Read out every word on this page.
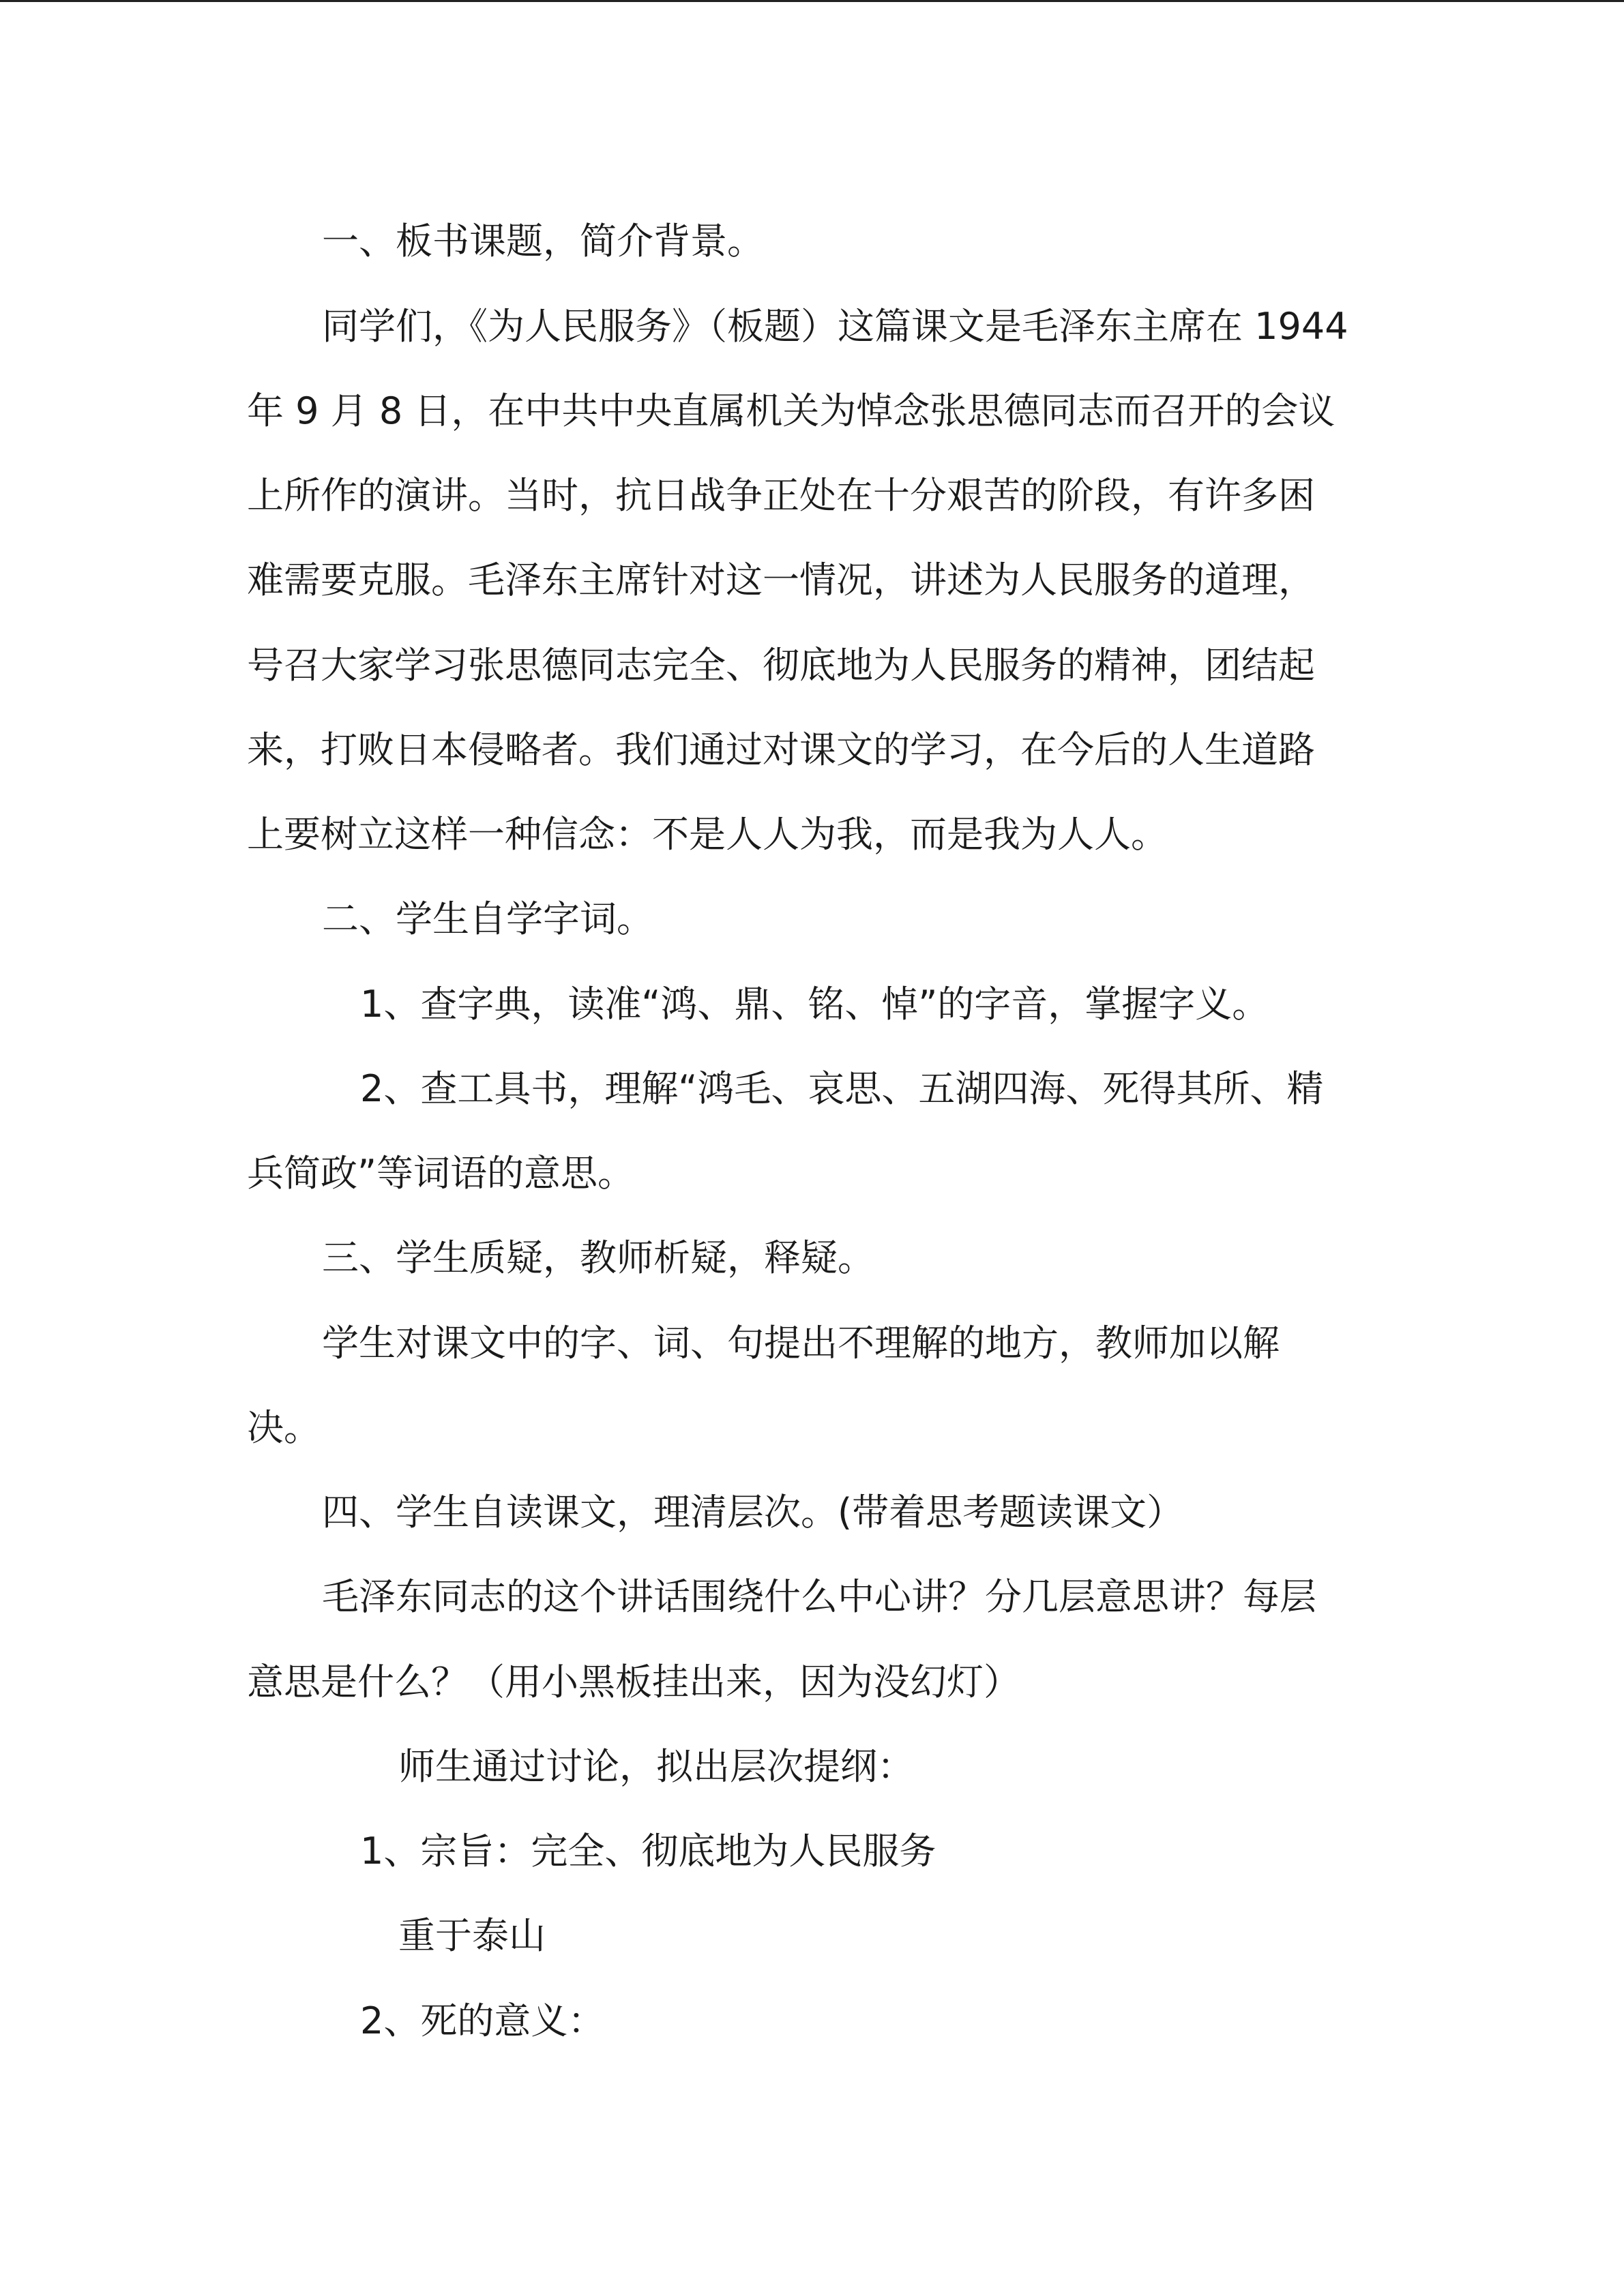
一、板书课题，简介背景。
同学们，《为人民服务》（板题）这篇课文是毛泽东主席在 1944
年 9 月 8 日，在中共中央直属机关为悼念张思德同志而召开的会议
上所作的演讲。当时，抗日战争正处在十分艰苦的阶段，有许多困
难需要克服。毛泽东主席针对这一情况，讲述为人民服务的道理，
号召大家学习张思德同志完全、彻底地为人民服务的精神，团结起
来，打败日本侵略者。我们通过对课文的学习，在今后的人生道路
上要树立这样一种信念：不是人人为我，而是我为人人。
二、学生自学字词。
1、查字典，读准“鸿、鼎、铭、悼”的字音，掌握字义。
2、查工具书，理解“鸿毛、哀思、五湖四海、死得其所、精
兵简政”等词语的意思。
三、学生质疑，教师析疑，释疑。
学生对课文中的字、词、句提出不理解的地方，教师加以解
决。
四、学生自读课文，理清层次。(带着思考题读课文）
毛泽东同志的这个讲话围绕什么中心讲？分几层意思讲？每层
意思是什么？（用小黑板挂出来，因为没幻灯）
师生通过讨论，拟出层次提纲：
1、宗旨：完全、彻底地为人民服务
重于泰山
2、死的意义：
